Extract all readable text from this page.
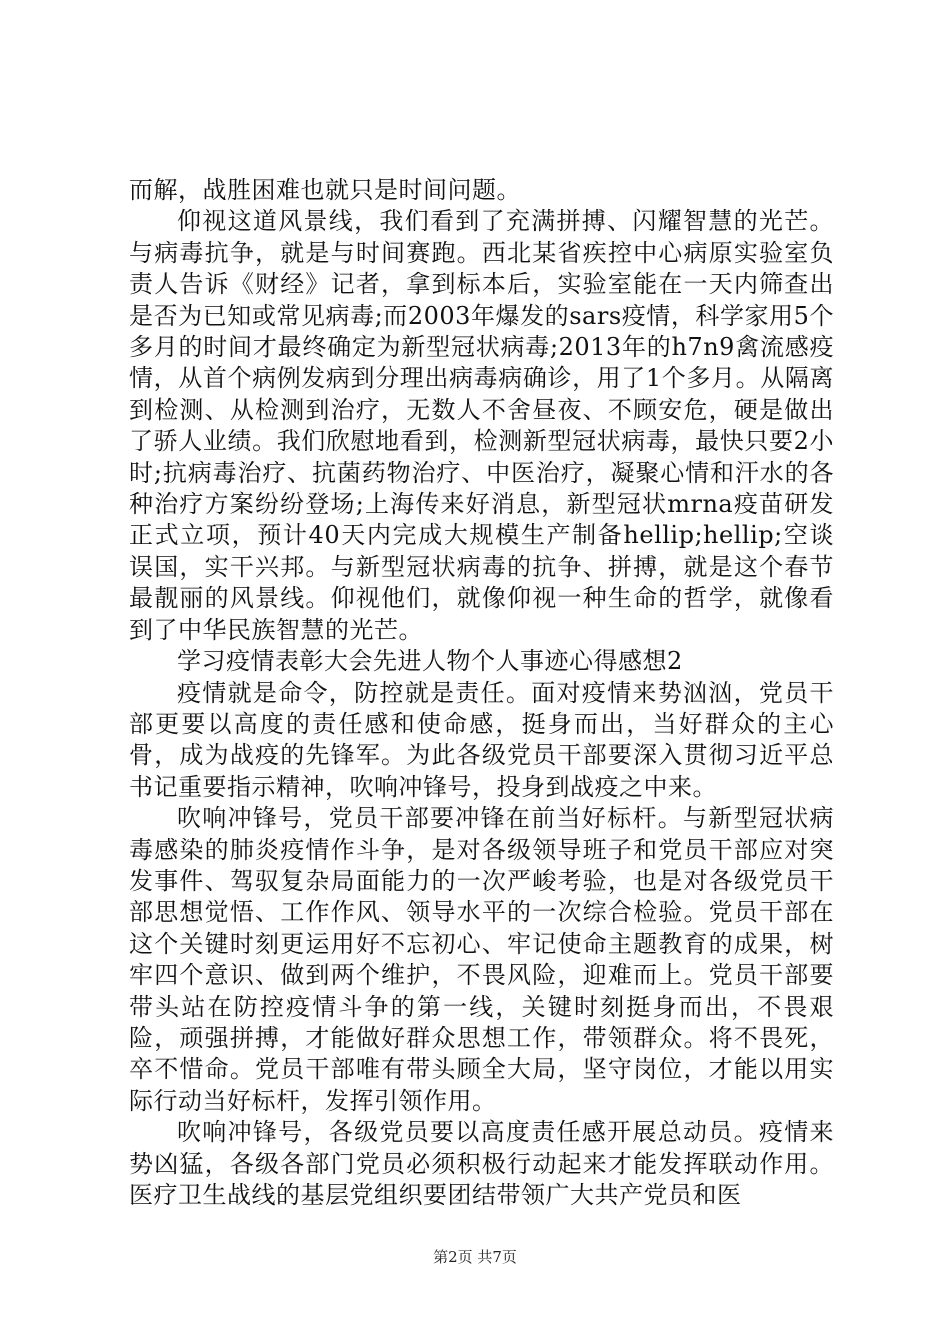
而解，战胜困难也就只是时间问题。

仰视这道风景线，我们看到了充满拼搏、闪耀智慧的光芒。与病毒抗争，就是与时间赛跑。西北某省疾控中心病原实验室负责人告诉《财经》记者，拿到标本后，实验室能在一天内筛查出是否为已知或常见病毒;而2003年爆发的sars疫情，科学家用5个多月的时间才最终确定为新型冠状病毒;2013年的h7n9禽流感疫情，从首个病例发病到分理出病毒病确诊，用了1个多月。从隔离到检测、从检测到治疗，无数人不舍昼夜、不顾安危，硬是做出了骄人业绩。我们欣慰地看到，检测新型冠状病毒，最快只要2小时;抗病毒治疗、抗菌药物治疗、中医治疗，凝聚心情和汗水的各种治疗方案纷纷登场;上海传来好消息，新型冠状mrna疫苗研发正式立项，预计40天内完成大规模生产制备hellip;hellip;空谈误国，实干兴邦。与新型冠状病毒的抗争、拼搏，就是这个春节最靓丽的风景线。仰视他们，就像仰视一种生命的哲学，就像看到了中华民族智慧的光芒。

学习疫情表彰大会先进人物个人事迹心得感想2

疫情就是命令，防控就是责任。面对疫情来势汹汹，党员干部更要以高度的责任感和使命感，挺身而出，当好群众的主心骨，成为战疫的先锋军。为此各级党员干部要深入贯彻习近平总书记重要指示精神，吹响冲锋号，投身到战疫之中来。

吹响冲锋号，党员干部要冲锋在前当好标杆。与新型冠状病毒感染的肺炎疫情作斗争，是对各级领导班子和党员干部应对突发事件、驾驭复杂局面能力的一次严峻考验，也是对各级党员干部思想觉悟、工作作风、领导水平的一次综合检验。党员干部在这个关键时刻更运用好不忘初心、牢记使命主题教育的成果，树牢四个意识、做到两个维护，不畏风险，迎难而上。党员干部要带头站在防控疫情斗争的第一线，关键时刻挺身而出，不畏艰险，顽强拼搏，才能做好群众思想工作，带领群众。将不畏死，卒不惜命。党员干部唯有带头顾全大局，坚守岗位，才能以用实际行动当好标杆，发挥引领作用。

吹响冲锋号，各级党员要以高度责任感开展总动员。疫情来势凶猛，各级各部门党员必须积极行动起来才能发挥联动作用。医疗卫生战线的基层党组织要团结带领广大共产党员和医

第2页 共7页
